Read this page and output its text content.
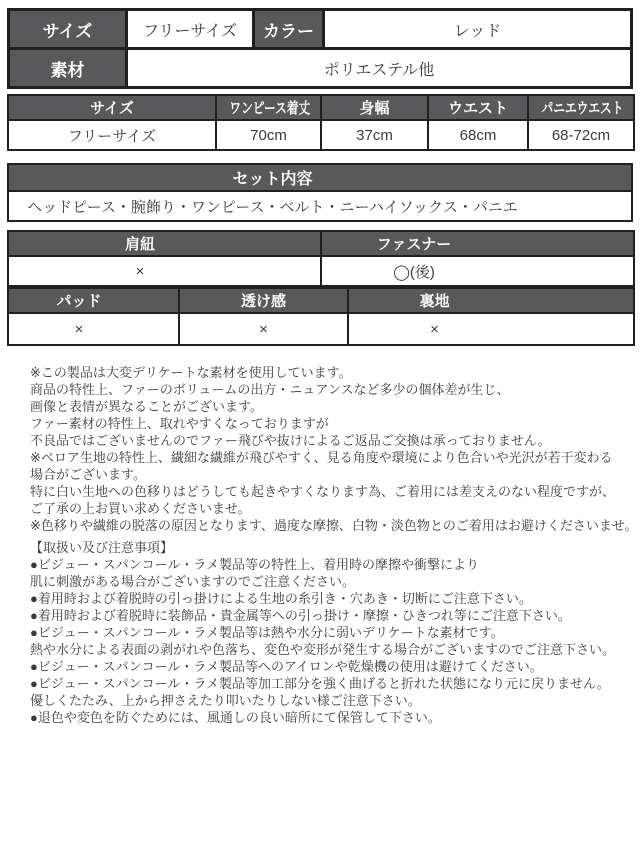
サイズ	フリーサイズ	カラー	レッド
素材	ポリエステル他		
サイズ	ワンピース着丈	身幅	ウエスト	パニエウエスト
フリーサイズ	70cm	37cm	68cm	68-72cm
セット内容
ヘッドピース・腕飾り・ワンピース・ベルト・ニーハイソックス・パニエ
肩紐	ファスナー
×	◯(後)
パッド	透け感	裏地
×	×	×
※この製品は大変デリケートな素材を使用しています。
商品の特性上、ファーのボリュームの出方・ニュアンスなど多少の個体差が生じ、
画像と表情が異なることがございます。
ファー素材の特性上、取れやすくなっておりますが
不良品ではございませんのでファー飛びや抜けによるご返品ご交換は承っておりません。
※ベロア生地の特性上、繊細な繊維が飛びやすく、見る角度や環境により色合いや光沢が若干変わる
場合がございます。
特に白い生地への色移りはどうしても起きやすくなります為、ご着用には差支えのない程度ですが、
ご了承の上お買い求めくださいませ。
※色移りや繊維の脱落の原因となります、過度な摩擦、白物・淡色物とのご着用はお避けくださいませ。
【取扱い及び注意事項】
●ビジュー・スパンコール・ラメ製品等の特性上、着用時の摩擦や衝撃により
肌に刺激がある場合がございますのでご注意ください。
●着用時および着脱時の引っ掛けによる生地の糸引き・穴あき・切断にご注意下さい。
●着用時および着脱時に装飾品・貴金属等への引っ掛け・摩擦・ひきつれ等にご注意下さい。
●ビジュー・スパンコール・ラメ製品等は熱や水分に弱いデリケートな素材です。
熱や水分による表面の剥がれや色落ち、変色や変形が発生する場合がございますのでご注意下さい。
●ビジュー・スパンコール・ラメ製品等へのアイロンや乾燥機の使用は避けてください。
●ビジュー・スパンコール・ラメ製品等加工部分を強く曲げると折れた状態になり元に戻りません。
優しくたたみ、上から押さえたり叩いたりしない様ご注意下さい。
●退色や変色を防ぐためには、風通しの良い暗所にて保管して下さい。
